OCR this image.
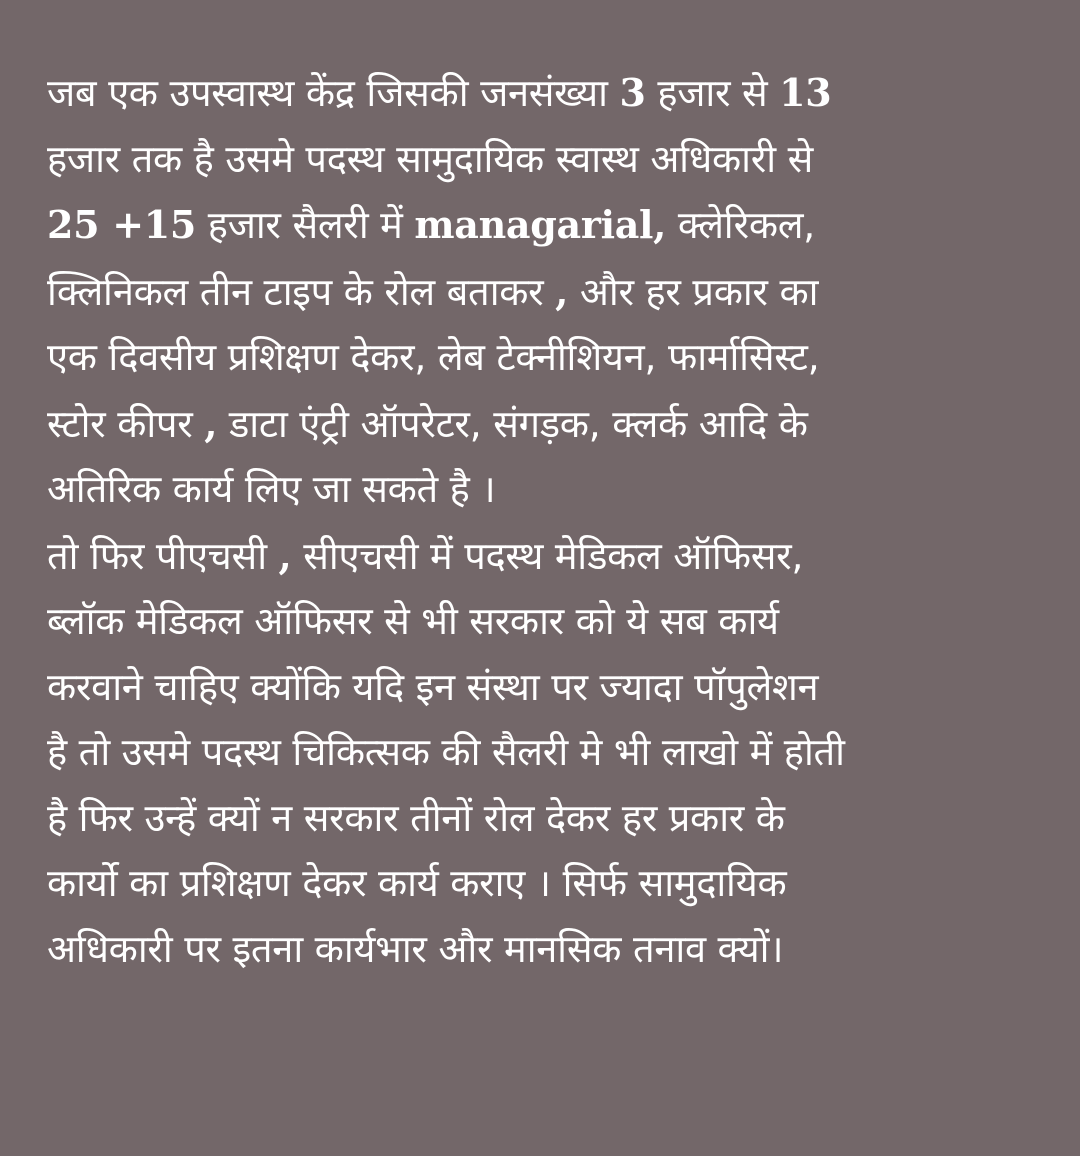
जब एक उपस्वास्थ केंद्र जिसकी जनसंख्या 3 हजार से 13
हजार तक है उसमे पदस्थ सामुदायिक स्वास्थ अधिकारी से
25 +15 हजार सैलरी में managarial, क्लेरिकल,
क्लिनिकल तीन टाइप के रोल बताकर , और हर प्रकार का
एक दिवसीय प्रशिक्षण देकर, लेब टेक्नीशियन, फार्मासिस्ट,
स्टोर कीपर , डाटा एंट्री ऑपरेटर, संगड़क, क्लर्क आदि के
अतिरिक कार्य लिए जा सकते है ।
तो फिर पीएचसी , सीएचसी में पदस्थ मेडिकल ऑफिसर,
ब्लॉक मेडिकल ऑफिसर से भी सरकार को ये सब कार्य
करवाने चाहिए क्योंकि यदि इन संस्था पर ज्यादा पॉपुलेशन
है तो उसमे पदस्थ चिकित्सक की सैलरी मे भी लाखो में होती
है फिर उन्हें क्यों न सरकार तीनों रोल देकर हर प्रकार के
कार्यो का प्रशिक्षण देकर कार्य कराए । सिर्फ सामुदायिक
अधिकारी पर इतना कार्यभार और मानसिक तनाव क्यों।
